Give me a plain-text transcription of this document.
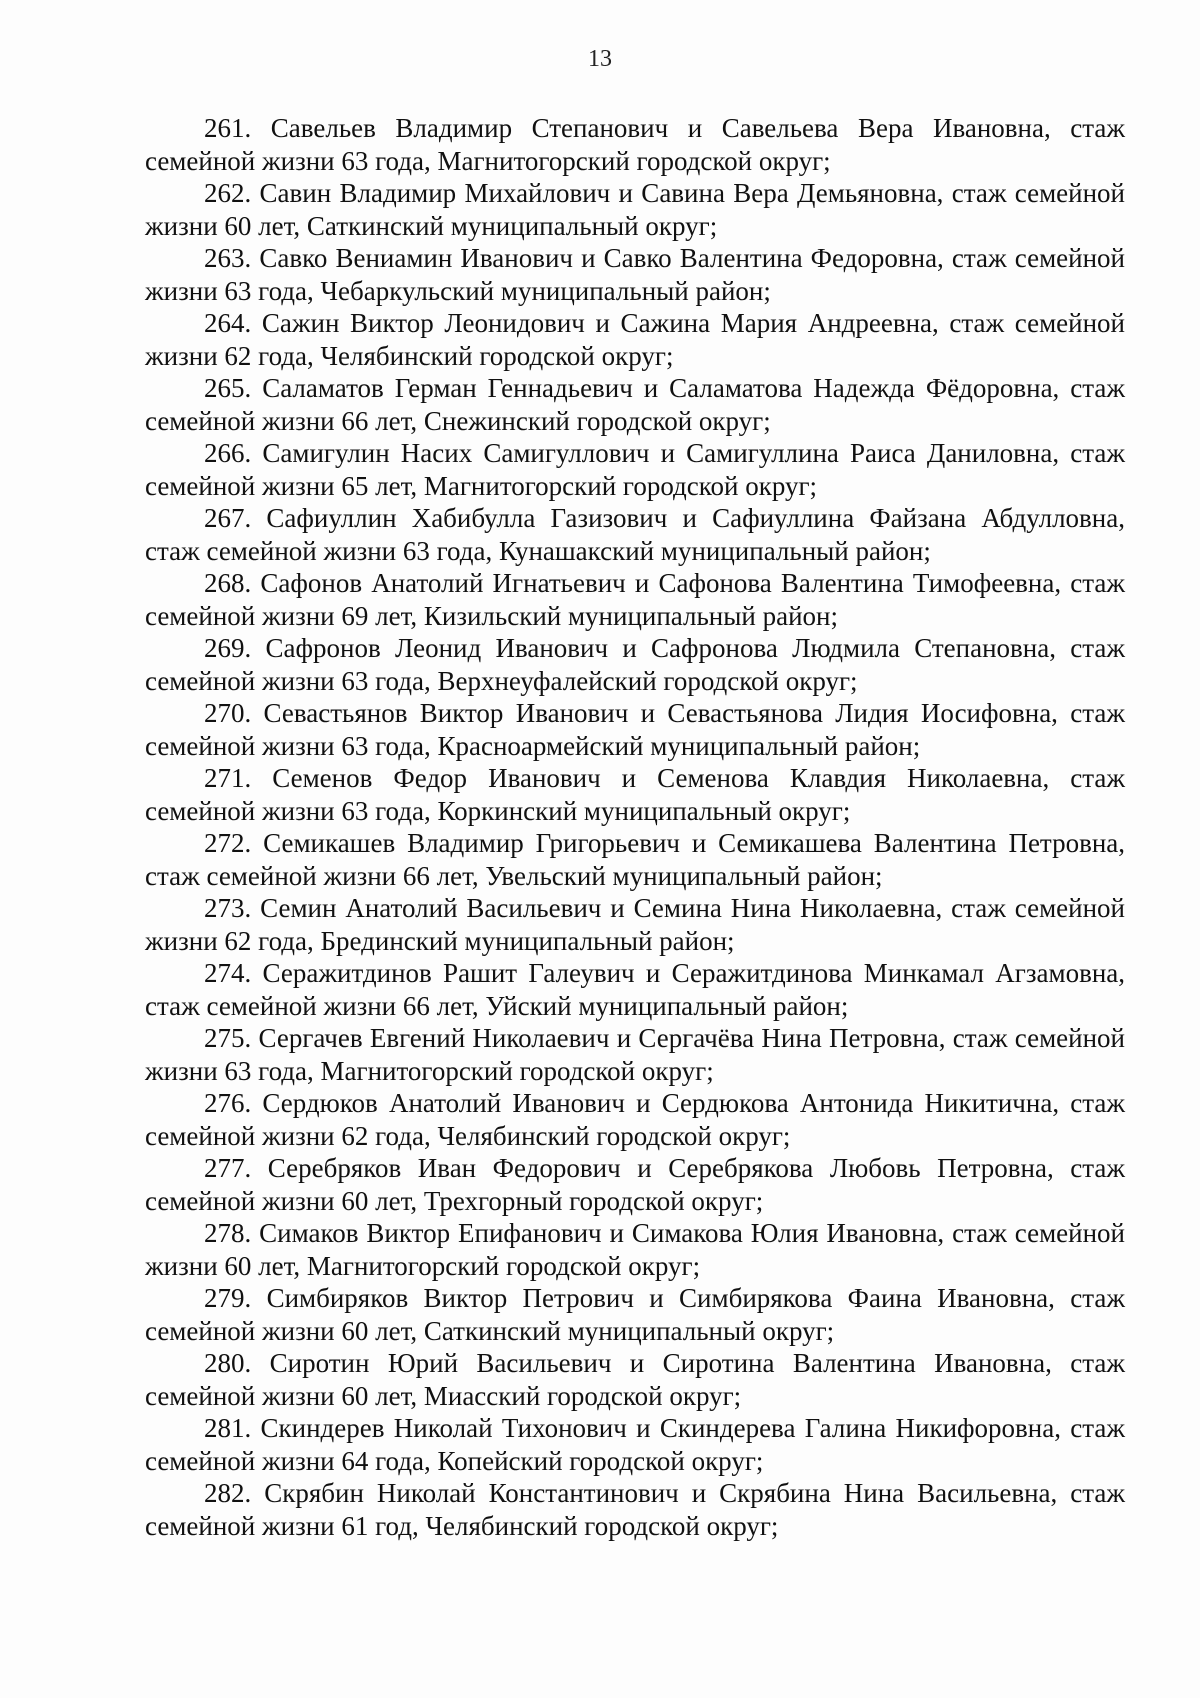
13

261. Савельев Владимир Степанович и Савельева Вера Ивановна, стаж семейной жизни 63 года, Магнитогорский городской округ;

262. Савин Владимир Михайлович и Савина Вера Демьяновна, стаж семейной жизни 60 лет, Саткинский муниципальный округ;

263. Савко Вениамин Иванович и Савко Валентина Федоровна, стаж семейной жизни 63 года, Чебаркульский муниципальный район;

264. Сажин Виктор Леонидович и Сажина Мария Андреевна, стаж семейной жизни 62 года, Челябинский городской округ;

265. Саламатов Герман Геннадьевич и Саламатова Надежда Фёдоровна, стаж семейной жизни 66 лет, Снежинский городской округ;

266. Самигулин Насих Самигуллович и Самигуллина Раиса Даниловна, стаж семейной жизни 65 лет, Магнитогорский городской округ;

267. Сафиуллин Хабибулла Газизович и Сафиуллина Файзана Абдулловна, стаж семейной жизни 63 года, Кунашакский муниципальный район;

268. Сафонов Анатолий Игнатьевич и Сафонова Валентина Тимофеевна, стаж семейной жизни 69 лет, Кизильский муниципальный район;

269. Сафронов Леонид Иванович и Сафронова Людмила Степановна, стаж семейной жизни 63 года, Верхнеуфалейский городской округ;

270. Севастьянов Виктор Иванович и Севастьянова Лидия Иосифовна, стаж семейной жизни 63 года, Красноармейский муниципальный район;

271. Семенов Федор Иванович и Семенова Клавдия Николаевна, стаж семейной жизни 63 года, Коркинский муниципальный округ;

272. Семикашев Владимир Григорьевич и Семикашева Валентина Петровна, стаж семейной жизни 66 лет, Увельский муниципальный район;

273. Семин Анатолий Васильевич и Семина Нина Николаевна, стаж семейной жизни 62 года, Брединский муниципальный район;

274. Серажитдинов Рашит Галеувич и Серажитдинова Минкамал Агзамовна, стаж семейной жизни 66 лет, Уйский муниципальный район;

275. Сергачев Евгений Николаевич и Сергачёва Нина Петровна, стаж семейной жизни 63 года, Магнитогорский городской округ;

276. Сердюков Анатолий Иванович и Сердюкова Антонида Никитична, стаж семейной жизни 62 года, Челябинский городской округ;

277. Серебряков Иван Федорович и Серебрякова Любовь Петровна, стаж семейной жизни 60 лет, Трехгорный городской округ;

278. Симаков Виктор Епифанович и Симакова Юлия Ивановна, стаж семейной жизни 60 лет, Магнитогорский городской округ;

279. Симбиряков Виктор Петрович и Симбирякова Фаина Ивановна, стаж семейной жизни 60 лет, Саткинский муниципальный округ;

280. Сиротин Юрий Васильевич и Сиротина Валентина Ивановна, стаж семейной жизни 60 лет, Миасский городской округ;

281. Скиндерев Николай Тихонович и Скиндерева Галина Никифоровна, стаж семейной жизни 64 года, Копейский городской округ;

282. Скрябин Николай Константинович и Скрябина Нина Васильевна, стаж семейной жизни 61 год, Челябинский городской округ;
